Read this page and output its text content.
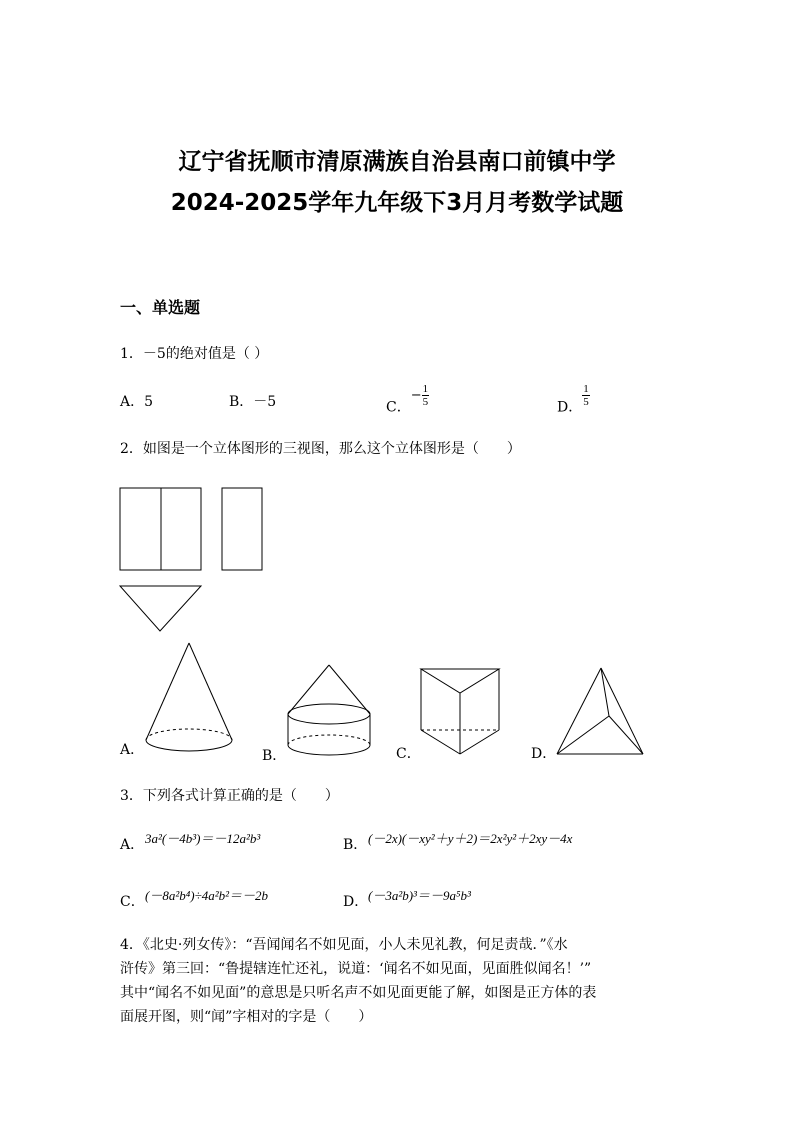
辽宁省抚顺市清原满族自治县南口前镇中学
2024-2025学年九年级下3月月考数学试题
一、单选题
1．－5的绝对值是（ ）
A．5	B．－5	C．− $\frac{1}{5}$	D． $\frac{1}{5}$
2．如图是一个立体图形的三视图，那么这个立体图形是（　　）
A．	B．	C．	D．
3．下列各式计算正确的是（　　）
A． 3a²(－4b³)＝－12a²b³	B． (－2x)(－xy²＋y＋2)＝2x²y²＋2xy－4x
C． (－8a²b⁴)÷4a²b²＝－2b	D． (－3a²b)³＝－9a⁵b³
4．《北史·列女传》：“吾闻闻名不如见面，小人未见礼教，何足责哉．”《水
浒传》第三回：“鲁提辖连忙还礼，说道：‘闻名不如见面，见面胜似闻名！’”
其中“闻名不如见面”的意思是只听名声不如见面更能了解，如图是正方体的表
面展开图，则“闻”字相对的字是（　　）
